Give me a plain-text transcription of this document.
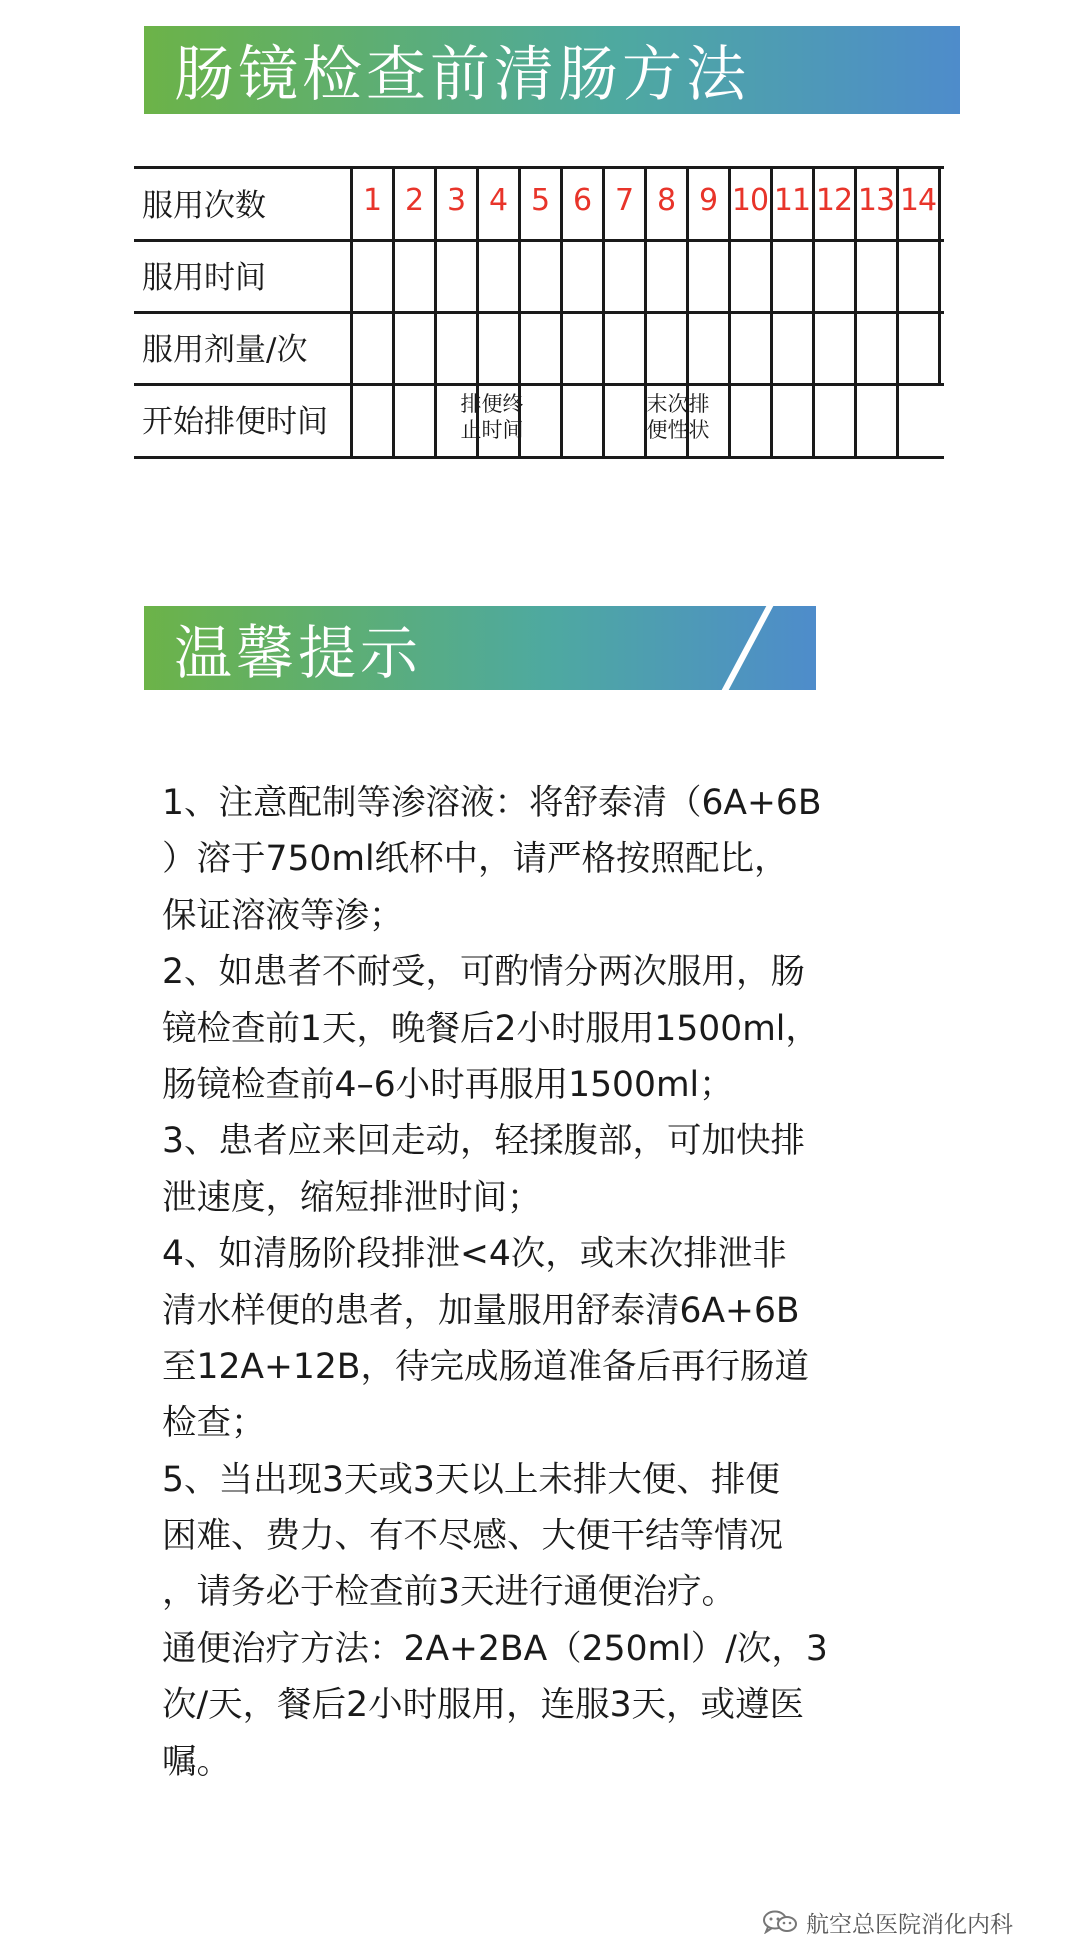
肠镜检查前清肠方法
服用次数
服用时间
服用剂量/次
开始排便时间	排便终
止时间
末次排
便性状
1 2 3 4 5 6 7 8 9 10 11 12 13 14
温馨提示
1、注意配制等渗溶液：将舒泰清（6A+6B
）溶于750ml纸杯中，请严格按照配比，
保证溶液等渗；
2、如患者不耐受，可酌情分两次服用，肠
镜检查前1天，晚餐后2小时服用1500ml，
肠镜检查前4–6小时再服用1500ml；
3、患者应来回走动，轻揉腹部，可加快排
泄速度，缩短排泄时间；
4、如清肠阶段排泄<4次，或末次排泄非
清水样便的患者，加量服用舒泰清6A+6B
至12A+12B，待完成肠道准备后再行肠道
检查；
5、当出现3天或3天以上未排大便、排便
困难、费力、有不尽感、大便干结等情况
，请务必于检查前3天进行通便治疗。
通便治疗方法：2A+2BA（250ml）/次，3
次/天，餐后2小时服用，连服3天，或遵医
嘱。
航空总医院消化内科
